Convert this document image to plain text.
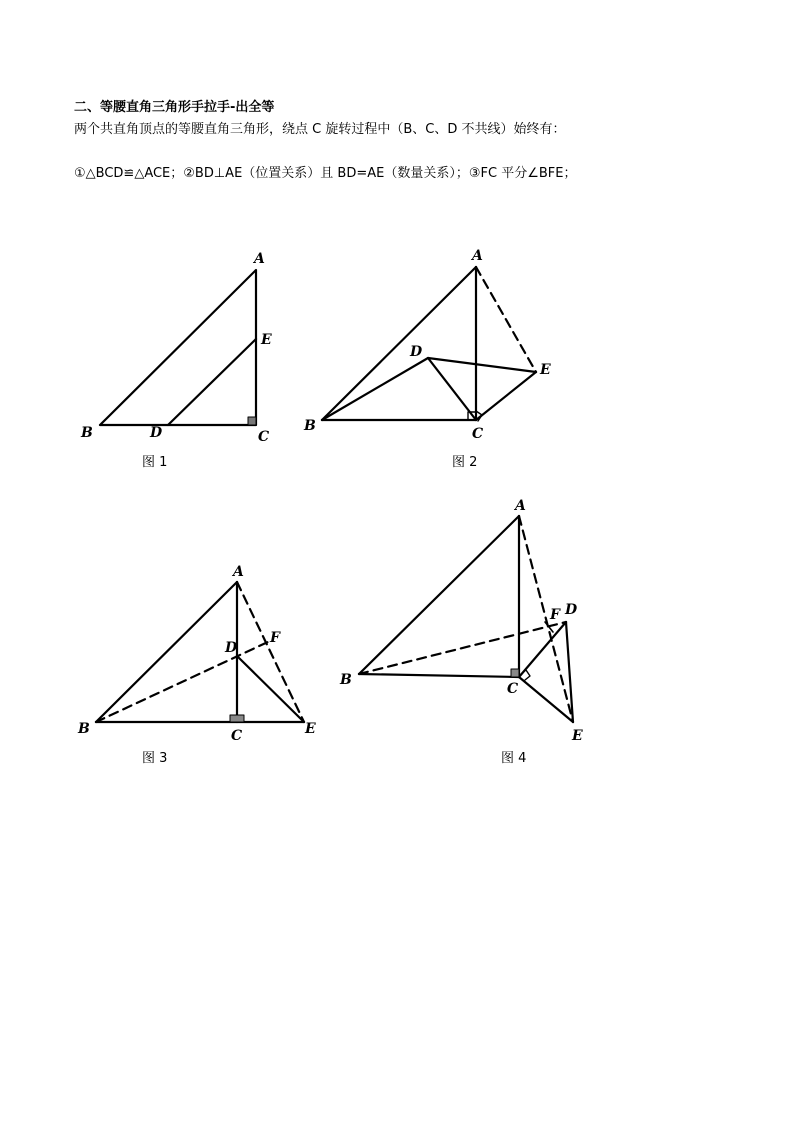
二、等腰直角三角形手拉手-出全等
两个共直角顶点的等腰直角三角形，绕点 C 旋转过程中（B、C、D 不共线）始终有：
①△BCD≌△ACE；②BD⊥AE（位置关系）且 BD=AE（数量关系）；③FC 平分∠BFE；
A
E
B	D	C
图 1
A
D
E
B	C
图 2
A
F
D
B	C	E
图 3
A
F D
B
C
E
图 4
